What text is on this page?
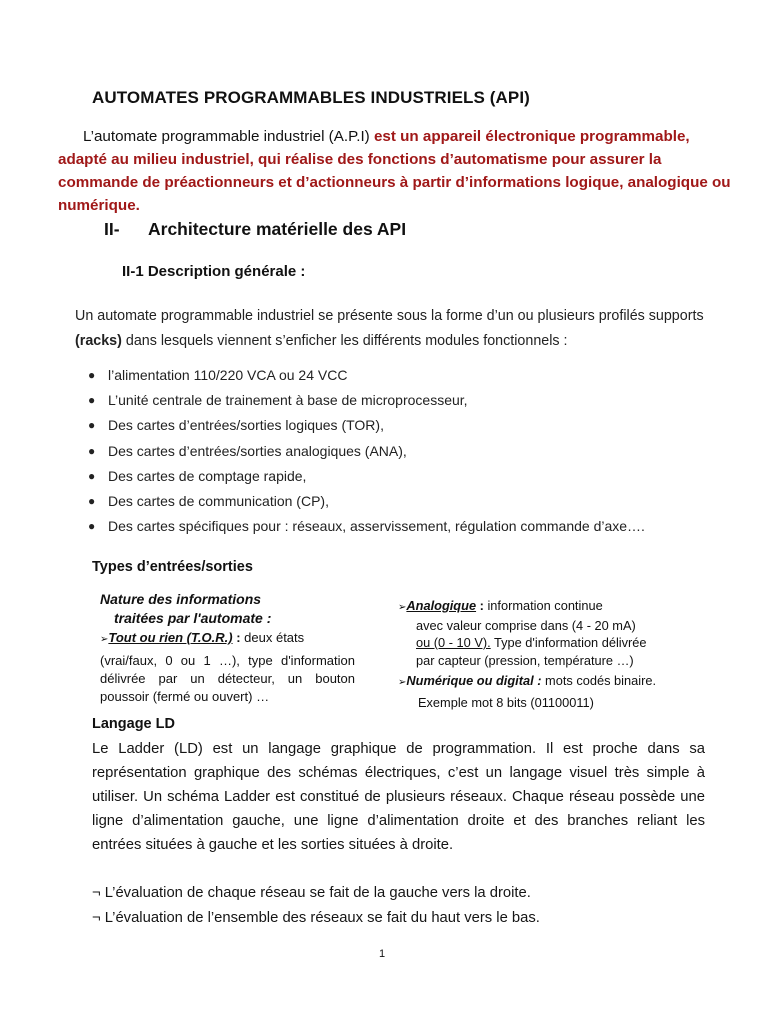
AUTOMATES PROGRAMMABLES INDUSTRIELS (API)
L’automate programmable industriel (A.P.I) est un appareil électronique programmable, adapté au milieu industriel, qui réalise des fonctions d’automatisme pour assurer la commande de préactionneurs et d’actionneurs à partir d’informations logique, analogique ou numérique.
II- Architecture matérielle des API
II-1 Description générale :
Un automate programmable industriel se présente sous la forme d’un ou plusieurs profilés supports (racks) dans lesquels viennent s’enficher les différents modules fonctionnels :
● l’alimentation 110/220 VCA ou 24 VCC
● L’unité centrale de trainement à base de microprocesseur,
● Des cartes d’entrées/sorties logiques (TOR),
● Des cartes d’entrées/sorties analogiques (ANA),
● Des cartes de comptage rapide,
● Des cartes de communication (CP),
● Des cartes spécifiques pour : réseaux, asservissement, régulation commande d’axe….
Types d’entrées/sorties
Nature des informations
traitées par l'automate :
➢Tout ou rien (T.O.R.) : deux états
(vrai/faux, 0 ou 1 …), type d'information délivrée par un détecteur, un bouton poussoir (fermé ou ouvert) …
➢Analogique : information continue
avec valeur comprise dans (4 - 20 mA)
ou (0 - 10 V). Type d'information délivrée
par capteur (pression, température …)
➢Numérique ou digital : mots codés binaire.
Exemple mot 8 bits (01100011)
Langage LD
Le Ladder (LD) est un langage graphique de programmation. Il est proche dans sa représentation graphique des schémas électriques, c’est un langage visuel très simple à utiliser. Un schéma Ladder est constitué de plusieurs réseaux. Chaque réseau possède une ligne d’alimentation gauche, une ligne d’alimentation droite et des branches reliant les entrées situées à gauche et les sorties situées à droite.
¬ L’évaluation de chaque réseau se fait de la gauche vers la droite.
¬ L’évaluation de l’ensemble des réseaux se fait du haut vers le bas.
1
